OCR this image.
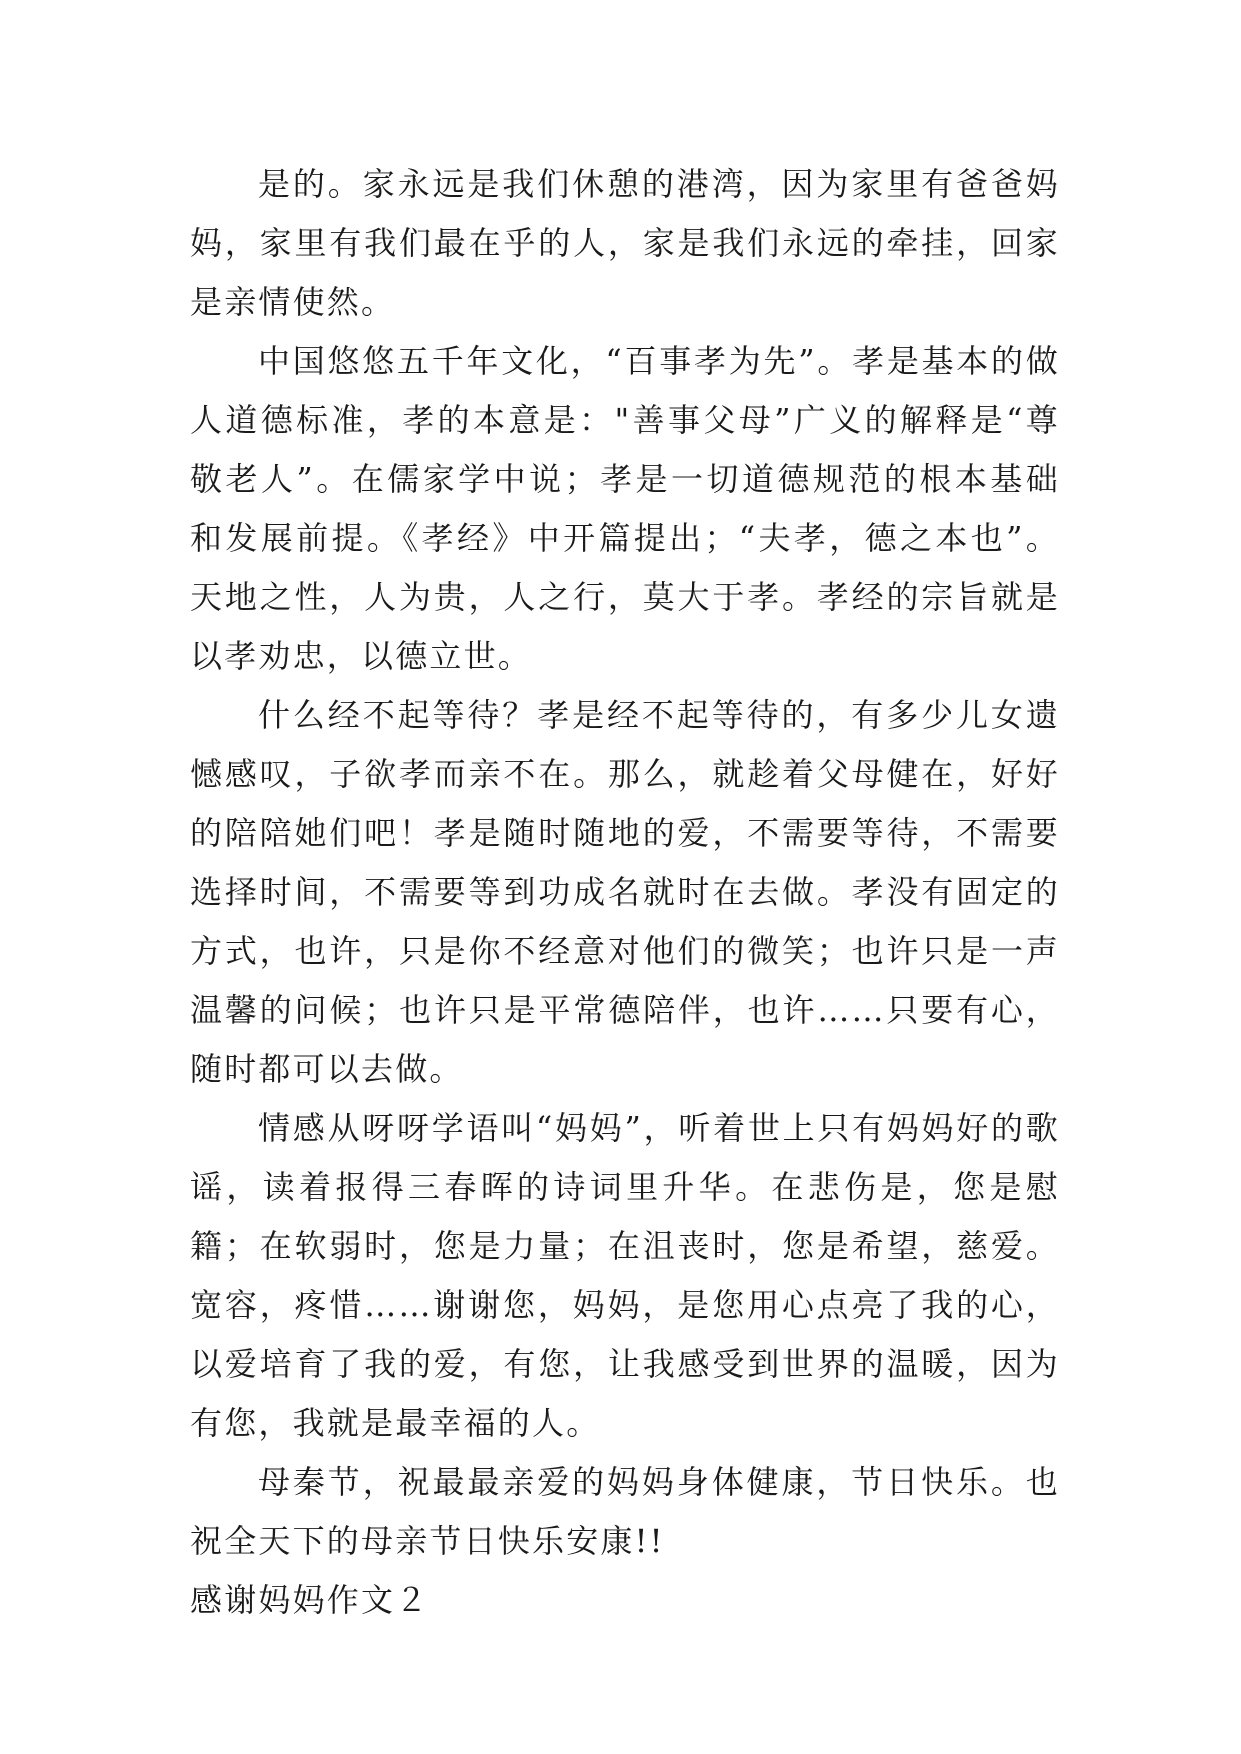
是的。家永远是我们休憩的港湾，因为家里有爸爸妈妈，家里有我们最在乎的人，家是我们永远的牵挂，回家是亲情使然。

中国悠悠五千年文化，“百事孝为先”。孝是基本的做人道德标准，孝的本意是："善事父母”广义的解释是“尊敬老人”。在儒家学中说；孝是一切道德规范的根本基础和发展前提。《孝经》中开篇提出；“夫孝，德之本也”。天地之性，人为贵，人之行，莫大于孝。孝经的宗旨就是以孝劝忠，以德立世。

什么经不起等待？孝是经不起等待的，有多少儿女遗憾感叹，子欲孝而亲不在。那么，就趁着父母健在，好好的陪陪她们吧！孝是随时随地的爱，不需要等待，不需要选择时间，不需要等到功成名就时在去做。孝没有固定的方式，也许，只是你不经意对他们的微笑；也许只是一声温馨的问候；也许只是平常德陪伴，也许……只要有心，随时都可以去做。

情感从呀呀学语叫“妈妈”，听着世上只有妈妈好的歌谣，读着报得三春晖的诗词里升华。在悲伤是，您是慰籍；在软弱时，您是力量；在沮丧时，您是希望，慈爱。宽容，疼惜……谢谢您，妈妈，是您用心点亮了我的心，以爱培育了我的爱，有您，让我感受到世界的温暖，因为有您，我就是最幸福的人。

母秦节，祝最最亲爱的妈妈身体健康，节日快乐。也祝全天下的母亲节日快乐安康!!

感谢妈妈作文２
